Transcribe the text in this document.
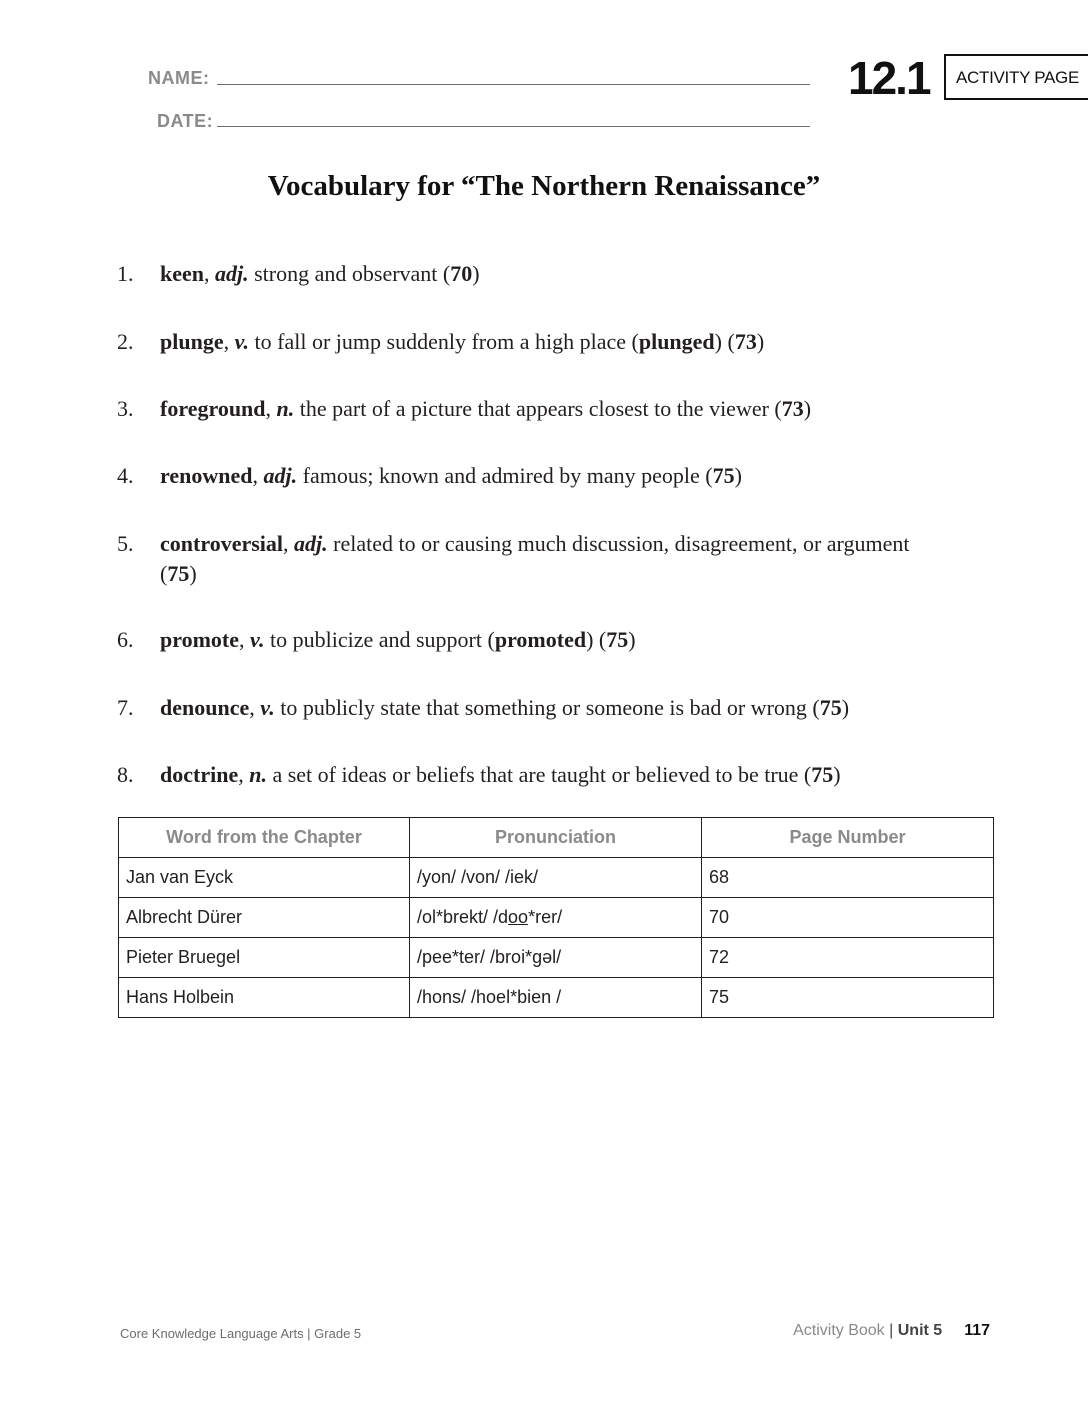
NAME:
DATE:
12.1	ACTIVITY PAGE
Vocabulary for “The Northern Renaissance”
1.	keen, adj. strong and observant (70)
2.	plunge, v. to fall or jump suddenly from a high place (plunged) (73)
3.	foreground, n. the part of a picture that appears closest to the viewer (73)
4.	renowned, adj. famous; known and admired by many people (75)
5.	controversial, adj. related to or causing much discussion, disagreement, or argument (75)
6.	promote, v. to publicize and support (promoted) (75)
7.	denounce, v. to publicly state that something or someone is bad or wrong (75)
8.	doctrine, n. a set of ideas or beliefs that are taught or believed to be true (75)
Word from the Chapter	Pronunciation	Page Number
Jan van Eyck	/yon/ /von/ /iek/	68
Albrecht Dürer	/ol*brekt/ /doo*rer/	70
Pieter Bruegel	/pee*ter/ /broi*gəl/	72
Hans Holbein	/hons/ /hoel*bien /	75
Core Knowledge Language Arts | Grade 5	Activity Book | Unit 5 117
